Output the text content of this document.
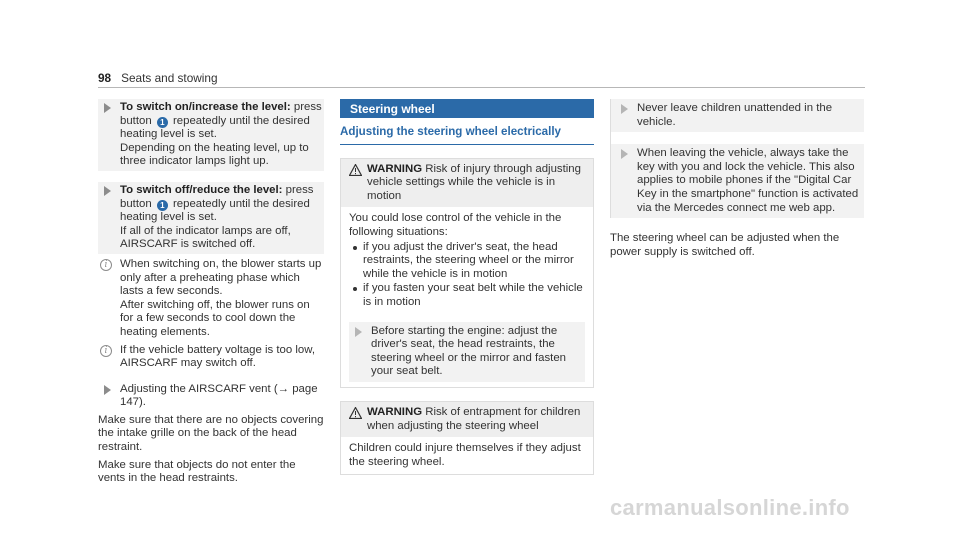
98 Seats and stowing
To switch on/increase the level: press button 1 repeatedly until the desired heating level is set.
Depending on the heating level, up to three indicator lamps light up.
To switch off/reduce the level: press button 1 repeatedly until the desired heating level is set.
If all of the indicator lamps are off, AIRSCARF is switched off.
i	When switching on, the blower starts up only after a preheating phase which lasts a few seconds.
After switching off, the blower runs on for a few seconds to cool down the heating elements.
i	If the vehicle battery voltage is too low, AIRSCARF may switch off.
Adjusting the AIRSCARF vent (→ page 147).

Make sure that there are no objects covering the intake grille on the back of the head restraint.

Make sure that objects do not enter the vents in the head restraints.

Steering wheel
Adjusting the steering wheel electrically
WARNING Risk of injury through adjusting vehicle settings while the vehicle is in motion
You could lose control of the vehicle in the following situations:
if you adjust the driver's seat, the head restraints, the steering wheel or the mirror while the vehicle is in motion
if you fasten your seat belt while the vehicle is in motion
Before starting the engine: adjust the driver's seat, the head restraints, the steering wheel or the mirror and fasten your seat belt.
WARNING Risk of entrapment for children when adjusting the steering wheel
Children could injure themselves if they adjust the steering wheel.
Never leave children unattended in the vehicle.
When leaving the vehicle, always take the key with you and lock the vehicle. This also applies to mobile phones if the "Digital Car Key in the smartphone" function is activated via the Mercedes connect me web app.

The steering wheel can be adjusted when the power supply is switched off.

carmanualsonline.info
